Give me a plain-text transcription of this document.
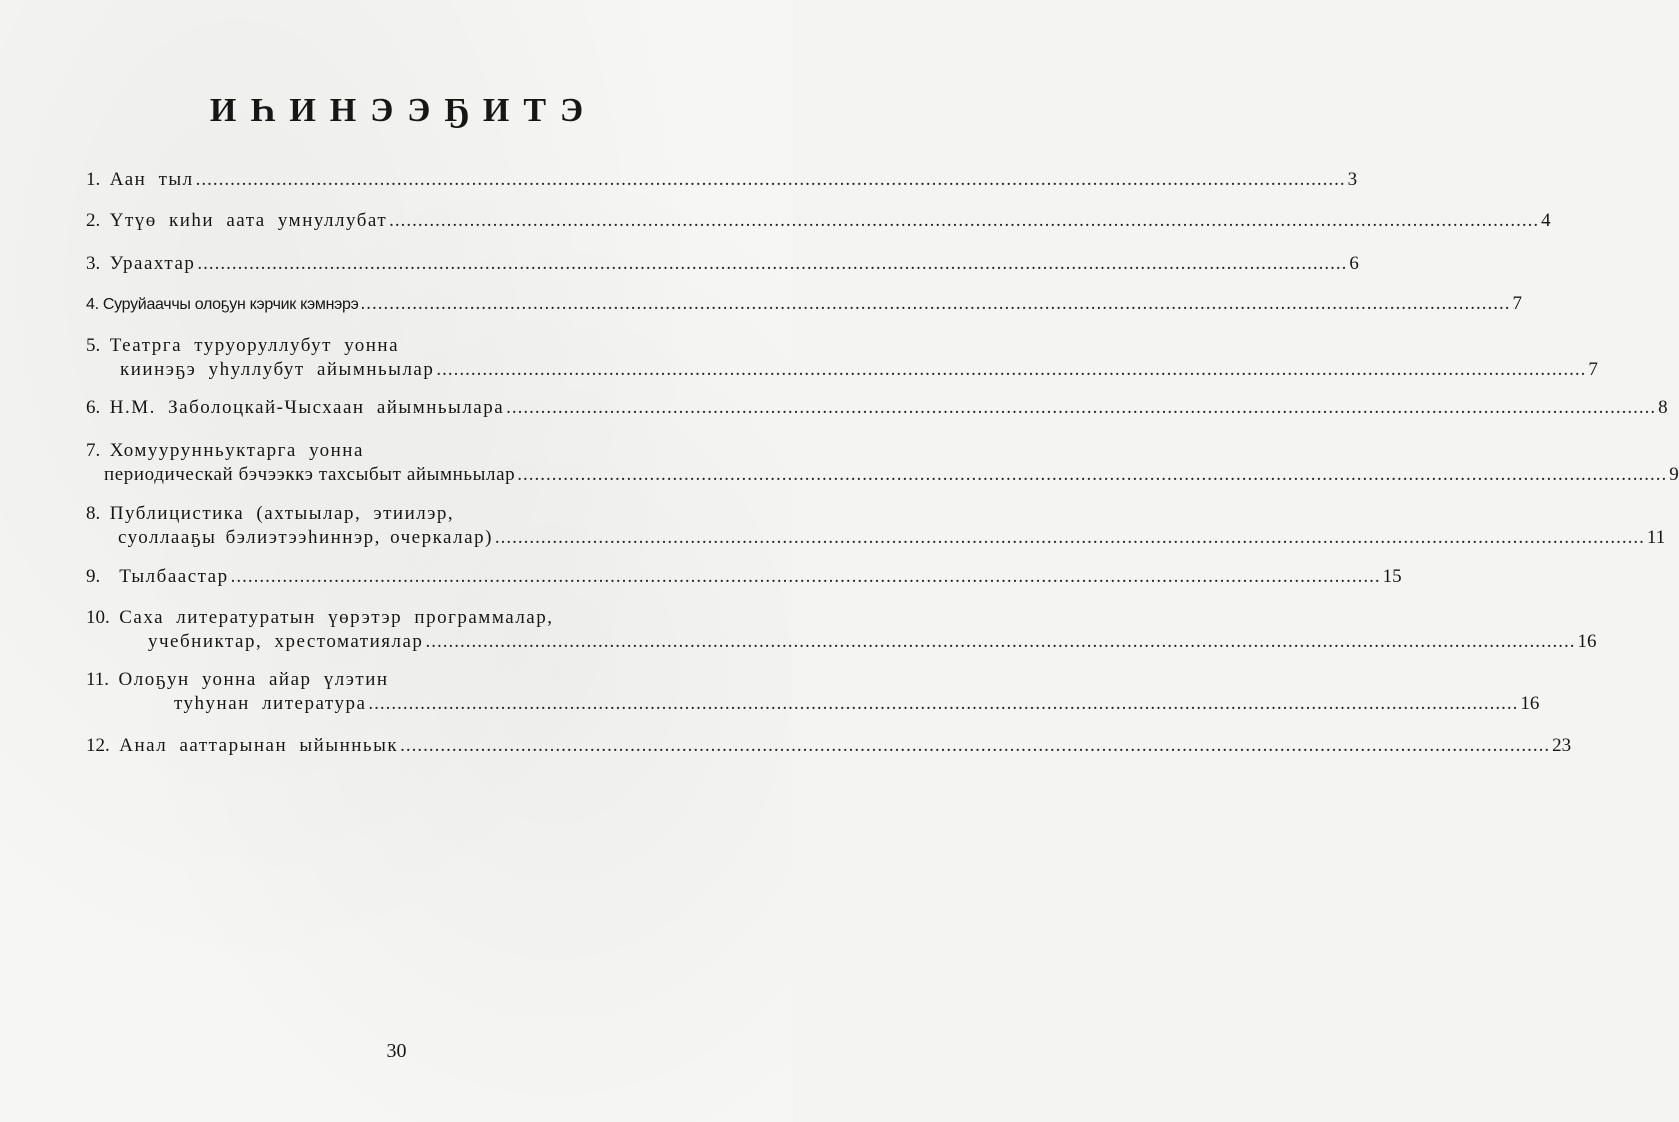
ИҺИНЭЭҔИТЭ
1. Аан тыл ........................................................................................................................................................................................................ 3
2. Үтүө киһи аата умнуллубат ........................................................................................................................................................................................................ 4
3. Ураахтар ........................................................................................................................................................................................................ 6
4. Суруйааччы олоҕун кэрчик кэмнэрэ ........................................................................................................................................................................................................ 7
5. Театрга туруоруллубут уонна
киинэҕэ уһуллубут айымньылар ........................................................................................................................................................................................................ 7
6. Н.М. Заболоцкай-Чысхаан айымньылара ........................................................................................................................................................................................................ 8
7. Хомуурунньуктарга уонна
периодическай бэчээккэ тахсыбыт айымньылар ........................................................................................................................................................................................................ 9
8. Публицистика (ахтыылар, этиилэр,
суоллааҕы бэлиэтээһиннэр, очеркалар) ........................................................................................................................................................................................................ 11
9. Тылбаастар ........................................................................................................................................................................................................ 15
10. Саха литературатын үөрэтэр программалар,
учебниктар, хрестоматиялар ........................................................................................................................................................................................................ 16
11. Олоҕун уонна айар үлэтин
туһунан литература ........................................................................................................................................................................................................ 16
12. Анал ааттарынан ыйынньык ........................................................................................................................................................................................................ 23
30
